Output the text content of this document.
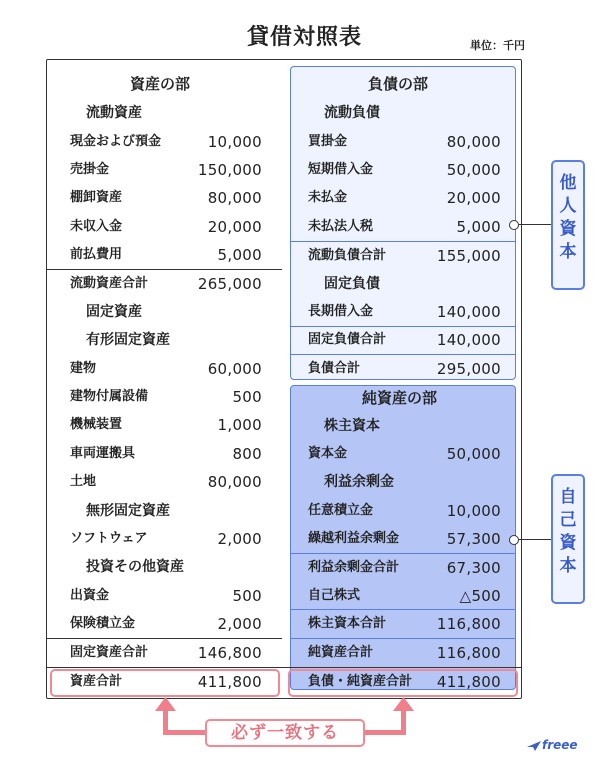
貸借対照表	単位：千円
資産の部
流動資産
現金および預金	10,000
売掛金	150,000
棚卸資産	80,000
未収入金	20,000
前払費用	5,000
流動資産合計	265,000
固定資産
有形固定資産
建物	60,000
建物付属設備	500
機械装置	1,000
車両運搬具	800
土地	80,000
無形固定資産
ソフトウェア	2,000
投資その他資産
出資金	500
保険積立金	2,000
固定資産合計	146,800
資産合計	411,800
負債の部
流動負債
買掛金	80,000
短期借入金	50,000
未払金	20,000
未払法人税	5,000
流動負債合計	155,000
固定負債
長期借入金	140,000
固定負債合計	140,000
負債合計	295,000
純資産の部
株主資本
資本金	50,000
利益余剰金
任意積立金	10,000
繰越利益余剰金	57,300
利益余剰金合計	67,300
自己株式	△500
株主資本合計	116,800
純資産合計	116,800
負債・純資産合計 411,800
他人資本
自己資本
必ず一致する
freee
